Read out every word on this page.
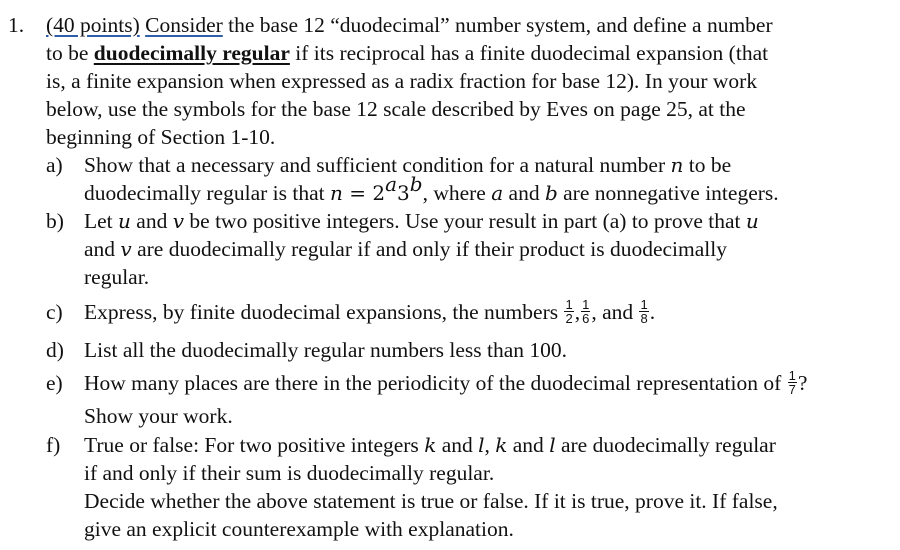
1. (40 points) Consider the base 12 “duodecimal” number system, and define a number
to be duodecimally regular if its reciprocal has a finite duodecimal expansion (that
is, a finite expansion when expressed as a radix fraction for base 12). In your work
below, use the symbols for the base 12 scale described by Eves on page 25, at the
beginning of Section 1-10.
a) Show that a necessary and sufficient condition for a natural number n to be
duodecimally regular is that $n = 2^a3^b$, where a and b are nonnegative integers.
b) Let u and v be two positive integers. Use your result in part (a) to prove that u
and v are duodecimally regular if and only if their product is duodecimally
regular.
c) Express, by finite duodecimal expansions, the numbers $\frac{1}{2}$ , $\frac{1}{6}$ , and $\frac{1}{8}$ .
d) List all the duodecimally regular numbers less than 100.
e) How many places are there in the periodicity of the duodecimal representation of $\frac{1}{7}$ ?
Show your work.
f) True or false: For two positive integers k and l, k and l are duodecimally regular
if and only if their sum is duodecimally regular.
Decide whether the above statement is true or false. If it is true, prove it. If false,
give an explicit counterexample with explanation.
